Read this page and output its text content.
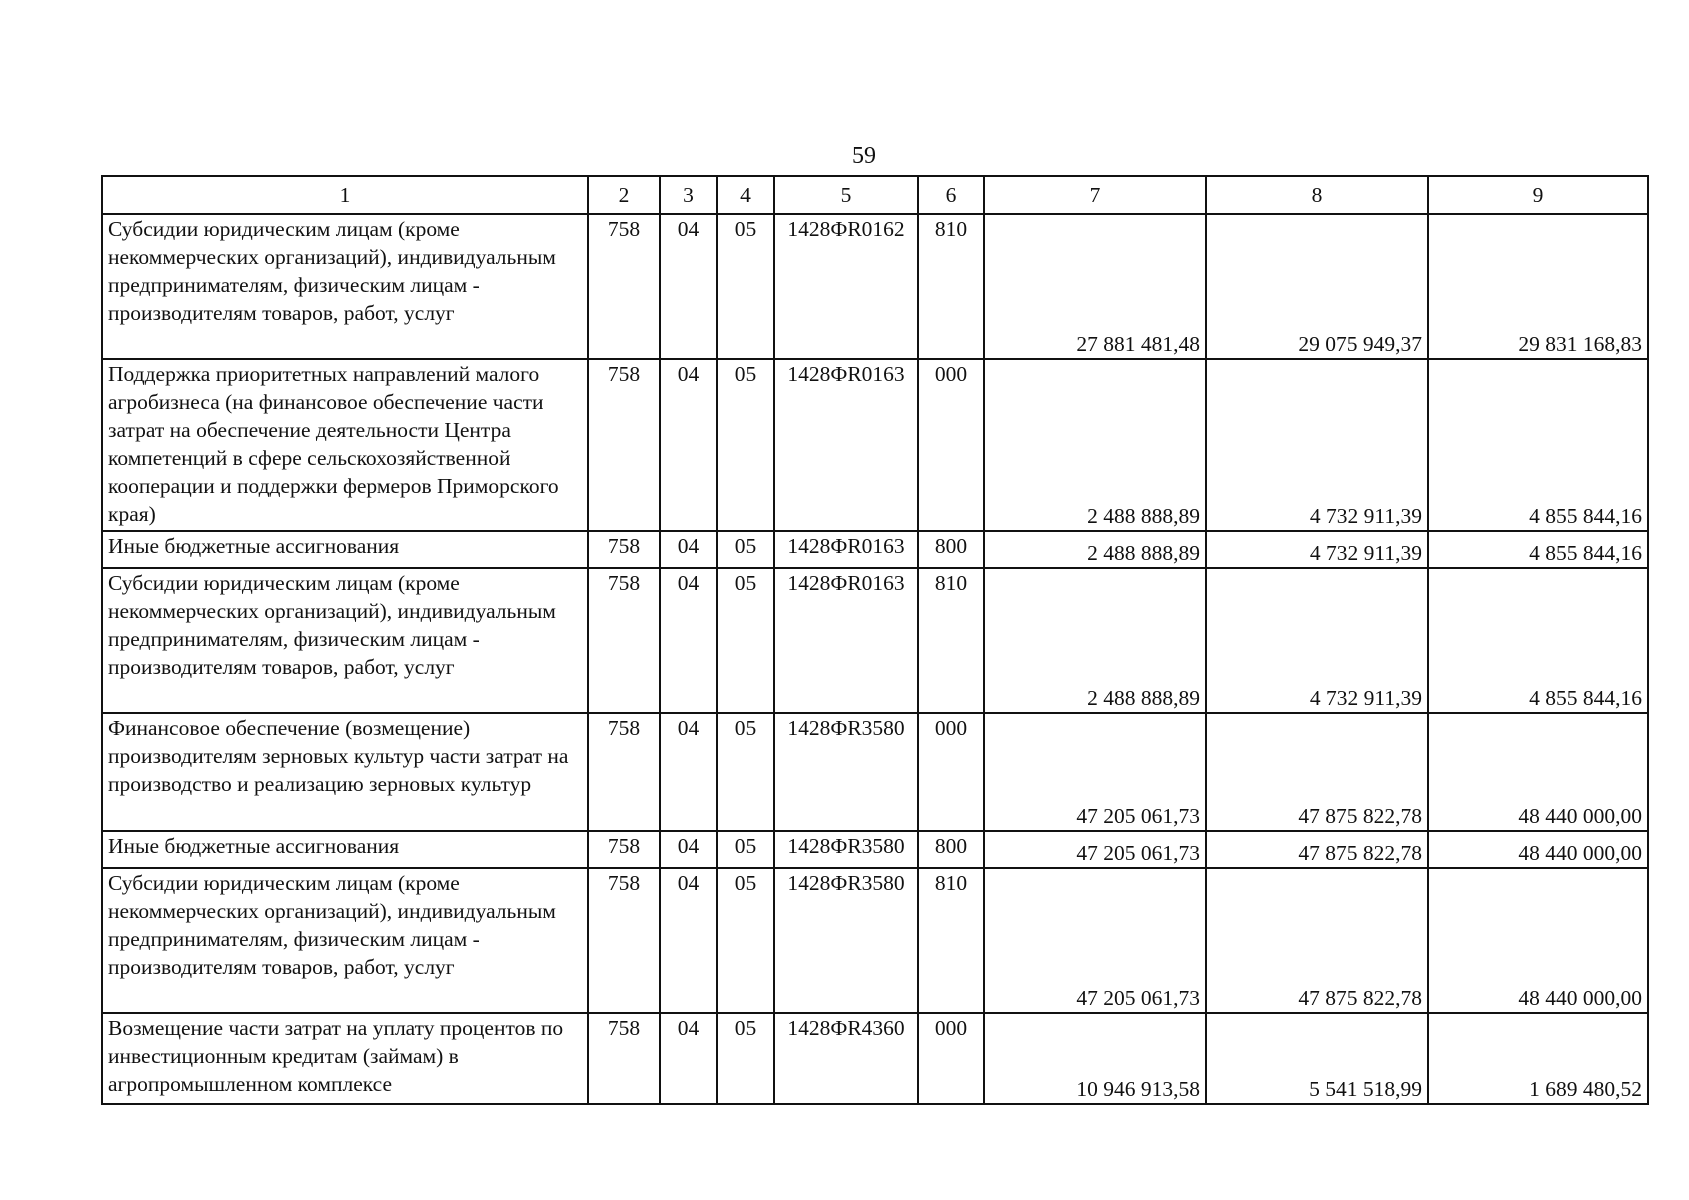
59
1	2	3	4	5	6	7	8	9
Субсидии юридическим лицам (кроме некоммерческих организаций), индивидуальным предпринимателям, физическим лицам - производителям товаров, работ, услуг	758	04	05	1428ФR0162	810	27 881 481,48	29 075 949,37	29 831 168,83
Поддержка приоритетных направлений малого агробизнеса (на финансовое обеспечение части затрат на обеспечение деятельности Центра компетенций в сфере сельскохозяйственной кооперации и поддержки фермеров Приморского края)	758	04	05	1428ФR0163	000	2 488 888,89	4 732 911,39	4 855 844,16
Иные бюджетные ассигнования	758	04	05	1428ФR0163	800	2 488 888,89	4 732 911,39	4 855 844,16
Субсидии юридическим лицам (кроме некоммерческих организаций), индивидуальным предпринимателям, физическим лицам - производителям товаров, работ, услуг	758	04	05	1428ФR0163	810	2 488 888,89	4 732 911,39	4 855 844,16
Финансовое обеспечение (возмещение) производителям зерновых культур части затрат на производство и реализацию зерновых культур	758	04	05	1428ФR3580	000	47 205 061,73	47 875 822,78	48 440 000,00
Иные бюджетные ассигнования	758	04	05	1428ФR3580	800	47 205 061,73	47 875 822,78	48 440 000,00
Субсидии юридическим лицам (кроме некоммерческих организаций), индивидуальным предпринимателям, физическим лицам - производителям товаров, работ, услуг	758	04	05	1428ФR3580	810	47 205 061,73	47 875 822,78	48 440 000,00
Возмещение части затрат на уплату процентов по инвестиционным кредитам (займам) в агропромышленном комплексе	758	04	05	1428ФR4360	000	10 946 913,58	5 541 518,99	1 689 480,52
